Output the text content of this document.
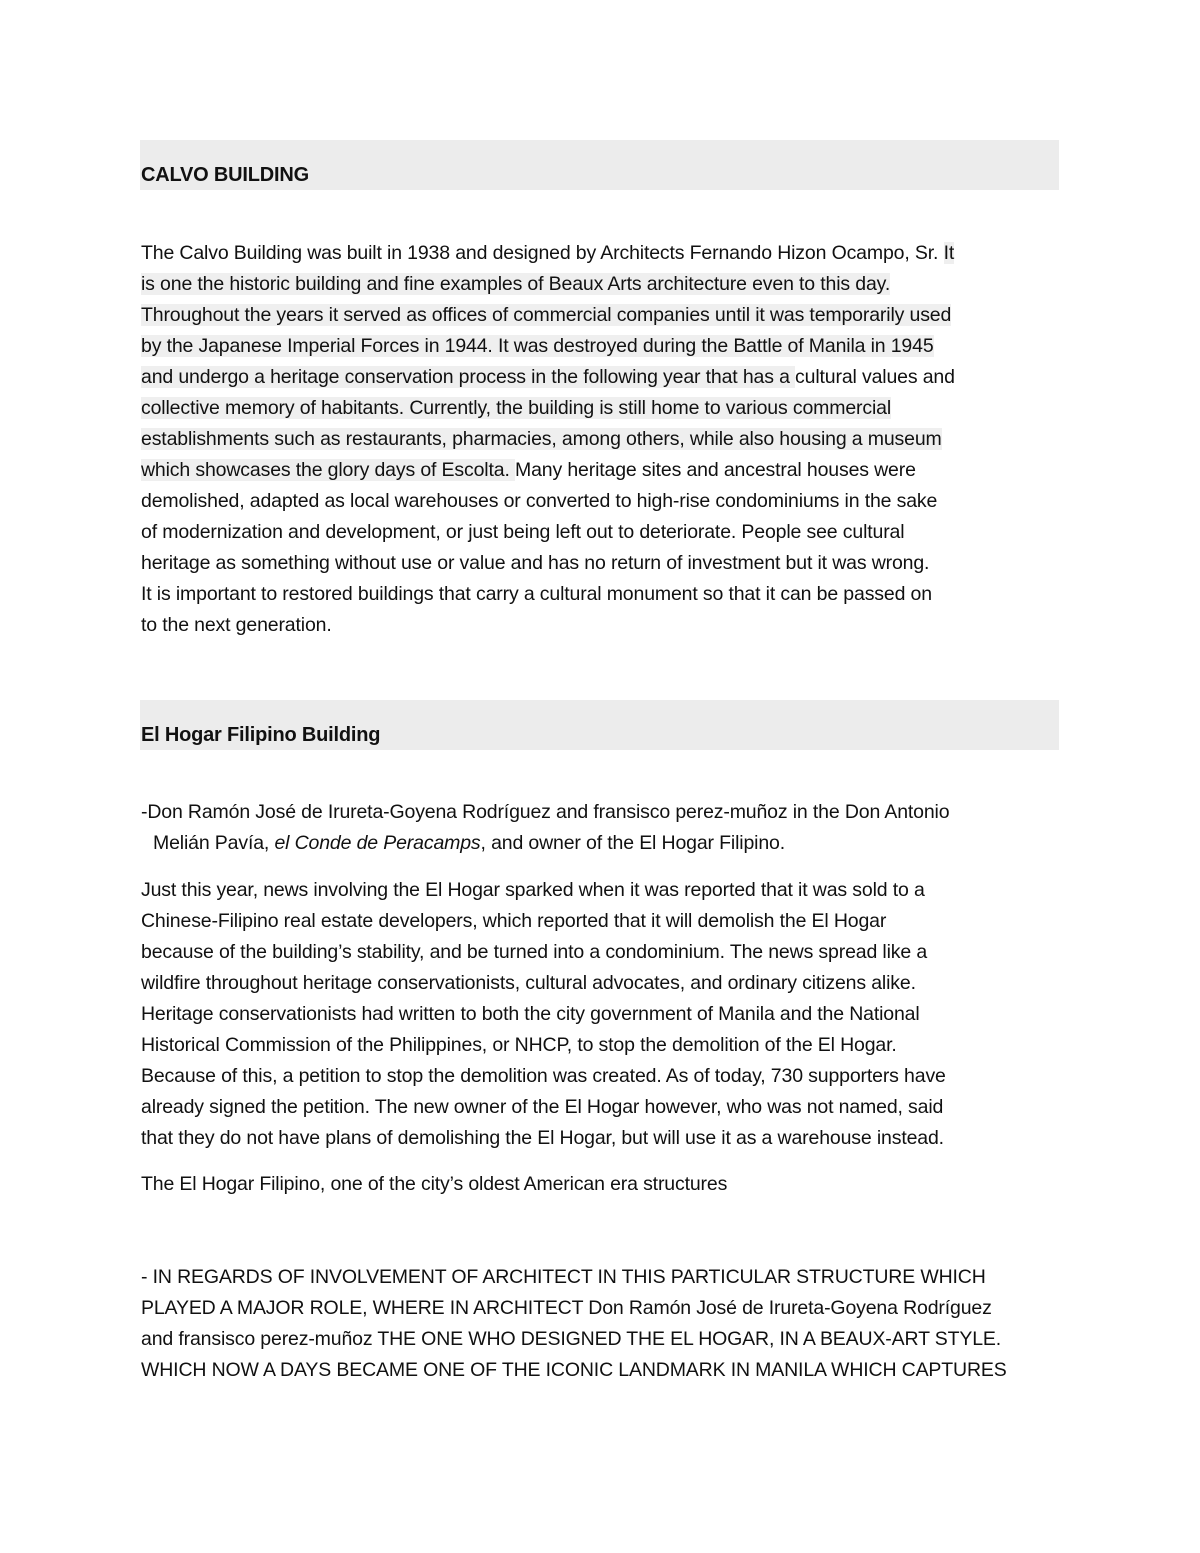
CALVO BUILDING

The Calvo Building was built in 1938 and designed by Architects Fernando Hizon Ocampo, Sr. It

is one the historic building and fine examples of Beaux Arts architecture even to this day.

Throughout the years it served as offices of commercial companies until it was temporarily used

by the Japanese Imperial Forces in 1944. It was destroyed during the Battle of Manila in 1945

and undergo a heritage conservation process in the following year that has a cultural values and

collective memory of habitants. Currently, the building is still home to various commercial

establishments such as restaurants, pharmacies, among others, while also housing a museum

which showcases the glory days of Escolta. Many heritage sites and ancestral houses were

demolished, adapted as local warehouses or converted to high-rise condominiums in the sake

of modernization and development, or just being left out to deteriorate. People see cultural

heritage as something without use or value and has no return of investment but it was wrong.

It is important to restored buildings that carry a cultural monument so that it can be passed on

to the next generation.

El Hogar Filipino Building

-Don Ramón José de Irureta-Goyena Rodríguez and fransisco perez-muñoz in the Don Antonio

Melián Pavía, el Conde de Peracamps, and owner of the El Hogar Filipino.

Just this year, news involving the El Hogar sparked when it was reported that it was sold to a

Chinese-Filipino real estate developers, which reported that it will demolish the El Hogar

because of the building’s stability, and be turned into a condominium. The news spread like a

wildfire throughout heritage conservationists, cultural advocates, and ordinary citizens alike.

Heritage conservationists had written to both the city government of Manila and the National

Historical Commission of the Philippines, or NHCP, to stop the demolition of the El Hogar.

Because of this, a petition to stop the demolition was created. As of today, 730 supporters have

already signed the petition. The new owner of the El Hogar however, who was not named, said

that they do not have plans of demolishing the El Hogar, but will use it as a warehouse instead.

The El Hogar Filipino, one of the city’s oldest American era structures

- IN REGARDS OF INVOLVEMENT OF ARCHITECT IN THIS PARTICULAR STRUCTURE WHICH

PLAYED A MAJOR ROLE, WHERE IN ARCHITECT Don Ramón José de Irureta-Goyena Rodríguez

and fransisco perez-muñoz THE ONE WHO DESIGNED THE EL HOGAR, IN A BEAUX-ART STYLE.

WHICH NOW A DAYS BECAME ONE OF THE ICONIC LANDMARK IN MANILA WHICH CAPTURES
